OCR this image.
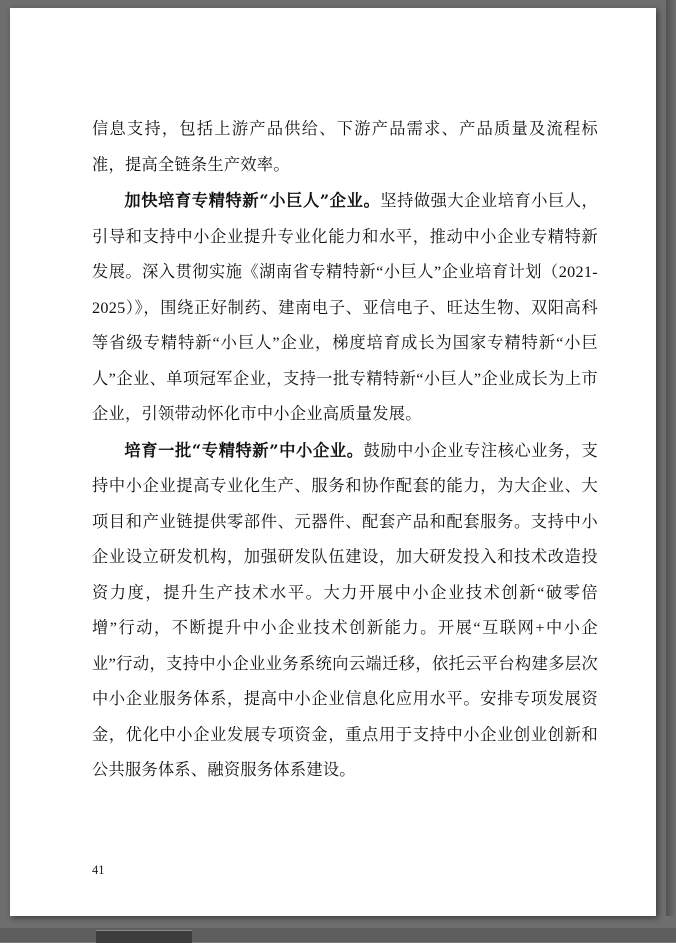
信息支持，包括上游产品供给、下游产品需求、产品质量及流程标准，提高全链条生产效率。

加快培育专精特新“小巨人”企业。坚持做强大企业培育小巨人，引导和支持中小企业提升专业化能力和水平，推动中小企业专精特新发展。深入贯彻实施《湖南省专精特新“小巨人”企业培育计划（2021-2025）》，围绕正好制药、建南电子、亚信电子、旺达生物、双阳高科等省级专精特新“小巨人”企业，梯度培育成长为国家专精特新“小巨人”企业、单项冠军企业，支持一批专精特新“小巨人”企业成长为上市企业，引领带动怀化市中小企业高质量发展。

培育一批“专精特新”中小企业。鼓励中小企业专注核心业务，支持中小企业提高专业化生产、服务和协作配套的能力，为大企业、大项目和产业链提供零部件、元器件、配套产品和配套服务。支持中小企业设立研发机构，加强研发队伍建设，加大研发投入和技术改造投资力度，提升生产技术水平。大力开展中小企业技术创新“破零倍增”行动，不断提升中小企业技术创新能力。开展“互联网+中小企业”行动，支持中小企业业务系统向云端迁移，依托云平台构建多层次中小企业服务体系，提高中小企业信息化应用水平。安排专项发展资金，优化中小企业发展专项资金，重点用于支持中小企业创业创新和公共服务体系、融资服务体系建设。

41
